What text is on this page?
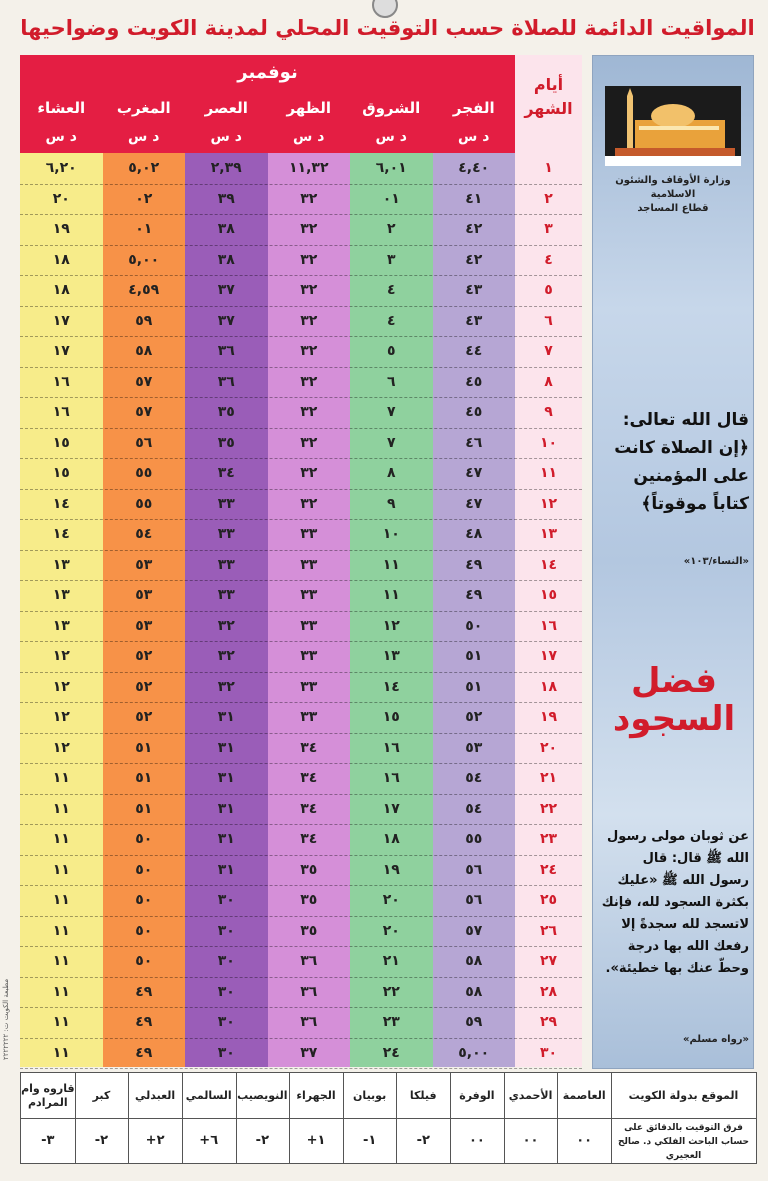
المواقيت الدائمة للصلاة حسب التوقيت المحلي لمدينة الكويت وضواحيها
نوفمبر
أيام
الشهر
الفجر
د س
الشروق
د س
الظهر
د س
العصر
د س
المغرب
د س
العشاء
د س
١
٤,٤٠
٦,٠١
١١,٣٢
٢,٣٩
٥,٠٢
٦,٢٠
٢
٤١
٠١
٣٢
٣٩
٠٢
٢٠
٣
٤٢
٢
٣٢
٣٨
٠١
١٩
٤
٤٢
٣
٣٢
٣٨
٥,٠٠
١٨
٥
٤٣
٤
٣٢
٣٧
٤,٥٩
١٨
٦
٤٣
٤
٣٢
٣٧
٥٩
١٧
٧
٤٤
٥
٣٢
٣٦
٥٨
١٧
٨
٤٥
٦
٣٢
٣٦
٥٧
١٦
٩
٤٥
٧
٣٢
٣٥
٥٧
١٦
١٠
٤٦
٧
٣٢
٣٥
٥٦
١٥
١١
٤٧
٨
٣٢
٣٤
٥٥
١٥
١٢
٤٧
٩
٣٢
٣٣
٥٥
١٤
١٣
٤٨
١٠
٣٣
٣٣
٥٤
١٤
١٤
٤٩
١١
٣٣
٣٣
٥٣
١٣
١٥
٤٩
١١
٣٣
٣٣
٥٣
١٣
١٦
٥٠
١٢
٣٣
٣٢
٥٣
١٣
١٧
٥١
١٣
٣٣
٣٢
٥٢
١٢
١٨
٥١
١٤
٣٣
٣٢
٥٢
١٢
١٩
٥٢
١٥
٣٣
٣١
٥٢
١٢
٢٠
٥٣
١٦
٣٤
٣١
٥١
١٢
٢١
٥٤
١٦
٣٤
٣١
٥١
١١
٢٢
٥٤
١٧
٣٤
٣١
٥١
١١
٢٣
٥٥
١٨
٣٤
٣١
٥٠
١١
٢٤
٥٦
١٩
٣٥
٣١
٥٠
١١
٢٥
٥٦
٢٠
٣٥
٣٠
٥٠
١١
٢٦
٥٧
٢٠
٣٥
٣٠
٥٠
١١
٢٧
٥٨
٢١
٣٦
٣٠
٥٠
١١
٢٨
٥٨
٢٢
٣٦
٣٠
٤٩
١١
٢٩
٥٩
٢٣
٣٦
٣٠
٤٩
١١
٣٠
٥,٠٠
٢٤
٣٧
٣٠
٤٩
١١
وزارة الأوقاف والشئون الاسلامية
قطاع المساجد
قال الله تعالى:
﴿إن الصلاة كانت على المؤمنين كتاباً موقوتاً﴾
«النساء/١٠٣»
فضل السجود
عن ثوبان مولى رسول الله ﷺ قال: قال رسول الله ﷺ «عليك بكثرة السجود لله، فإنك لاتسجد لله سجدةً إلا رفعك الله بها درجة وحطّ عنك بها خطيئة».
«رواه مسلم»
مطبعة الكويت ت: ٢٢٢٢٢٢٢
الموقع بدولة الكويت
فرق التوقيت بالدقائق على حساب الباحث الفلكي د. صالح العجيري
العاصمة
٠٠
الأحمدي
٠٠
الوفرة
٠٠
فيلكا
٢-
بوبيان
١-
الجهراء
١+
النويصيب
٢-
السالمي
٦+
العبدلي
٢+
كبر
٢-
قاروه وام المرادم
٣-
